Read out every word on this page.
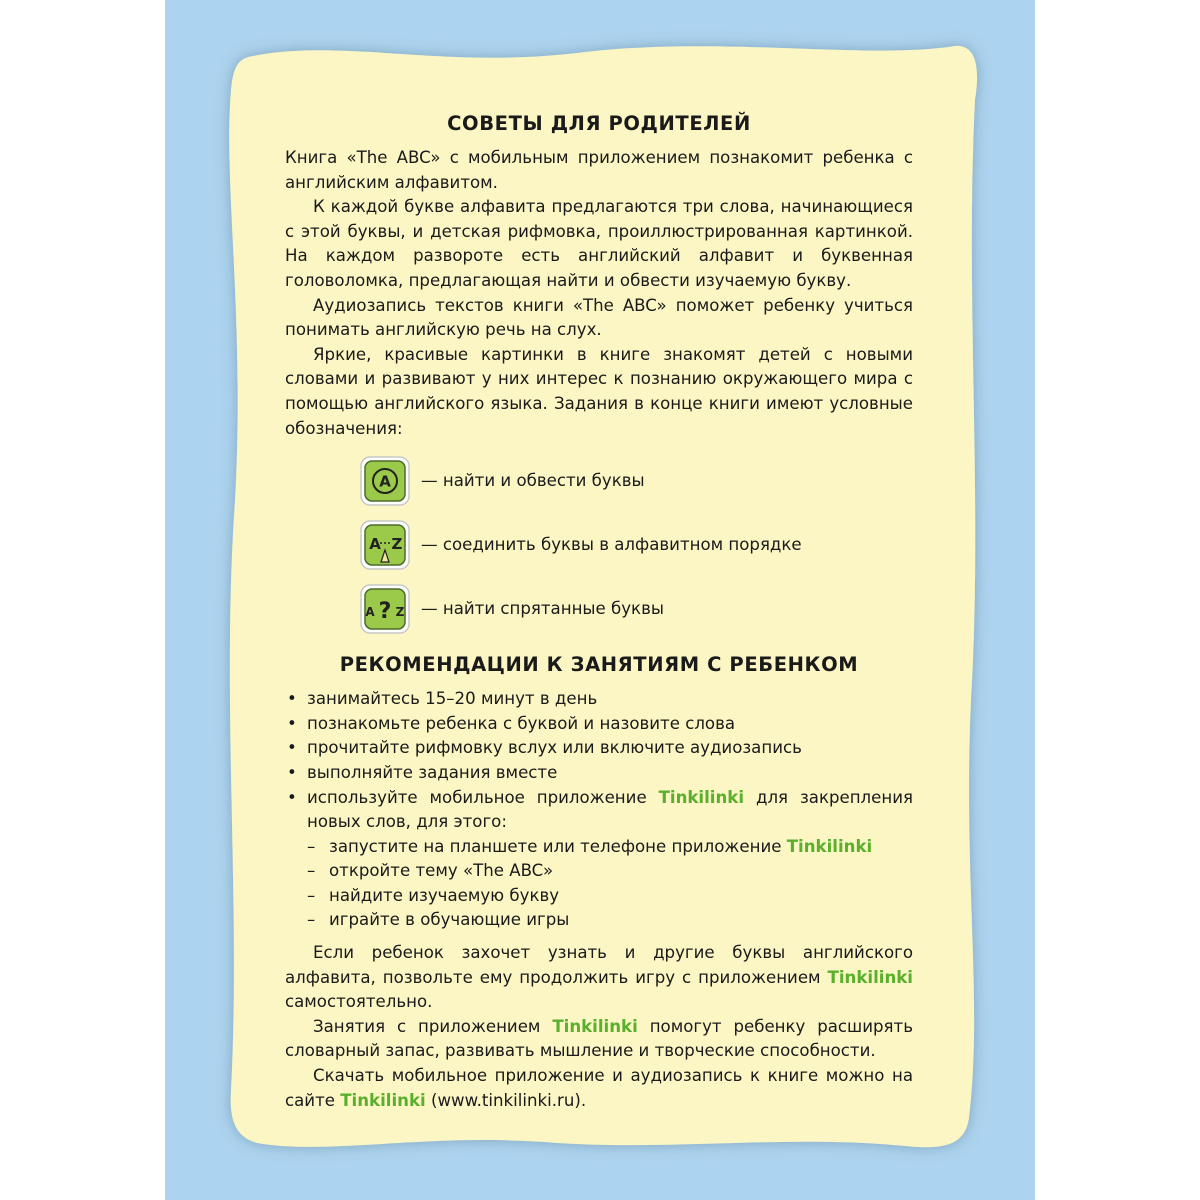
СОВЕТЫ ДЛЯ РОДИТЕЛЕЙ

Книга «The ABC» с мобильным приложением познакомит ребенка с английским алфавитом.

К каждой букве алфавита предлагаются три слова, начинающиеся с этой буквы, и детская рифмовка, проиллюстрированная картинкой. На каждом развороте есть английский алфавит и буквенная головоломка, предлагающая найти и обвести изучаемую букву.

Аудиозапись текстов книги «The ABC» поможет ребенку учиться понимать английскую речь на слух.

Яркие, красивые картинки в книге знакомят детей с новыми словами и развивают у них интерес к познанию окружающего мира с помощью английского языка. Задания в конце книги имеют условные обозначения:

A — найти и обвести буквы
A Z — соединить буквы в алфавитном порядке
A ? Z — найти спрятанные буквы
РЕКОМЕНДАЦИИ К ЗАНЯТИЯМ С РЕБЕНКОМ
• занимайтесь 15–20 минут в день
• познакомьте ребенка с буквой и назовите слова
• прочитайте рифмовку вслух или включите аудиозапись
• выполняйте задания вместе
• используйте мобильное приложение Tinkilinki для закрепления новых слов, для этого:
– запустите на планшете или телефоне приложение Tinkilinki
– откройте тему «The ABC»
– найдите изучаемую букву
– играйте в обучающие игры

Если ребенок захочет узнать и другие буквы английского алфавита, позвольте ему продолжить игру с приложением Tinkilinki самостоятельно.

Занятия с приложением Tinkilinki помогут ребенку расширять словарный запас, развивать мышление и творческие способности.

Скачать мобильное приложение и аудиозапись к книге можно на сайте Tinkilinki (www.tinkilinki.ru).
